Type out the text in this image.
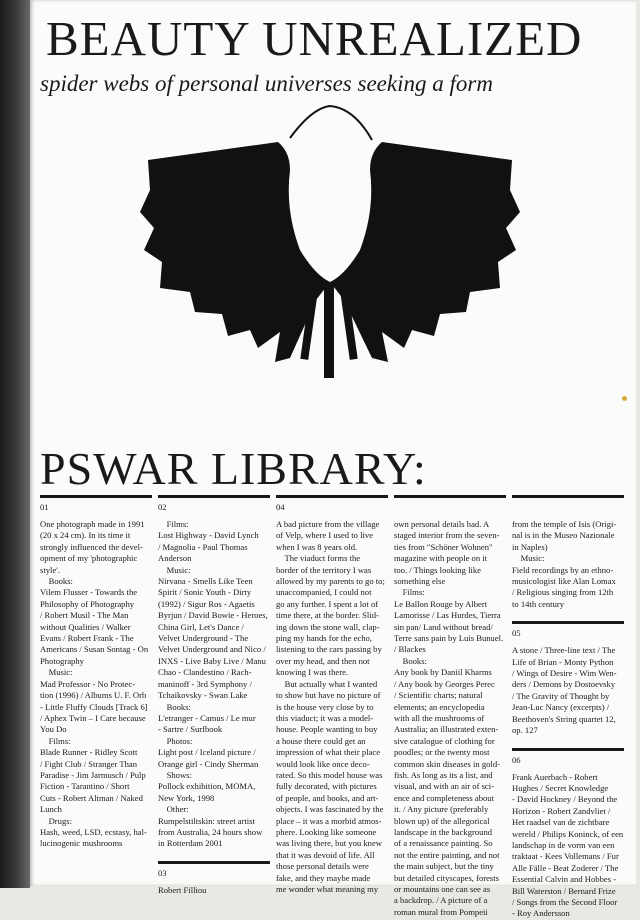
BEAUTY UNREALIZED
spider webs of personal universes seeking a form
PSWAR LIBRARY:
01

One photograph made in 1991

(20 x 24 cm). In its time it

strongly influenced the devel-

opment of my 'photographic

style'.

Books:

Vilem Flusser - Towards the

Philosophy of Photography

/ Robert Musil - The Man

without Qualities / Walker

Evans / Robert Frank - The

Americans / Susan Sontag - On

Photography

Music:

Mad Professor - No Protec-

tion (1996) / Albums U. F. Orb

- Little Fluffy Clouds [Track 6]

/ Aphex Twin – I Care because

You Do

Films:

Blade Runner - Ridley Scott

/ Fight Club / Stranger Than

Paradise - Jim Jarmusch / Pulp

Fiction - Tarantino / Short

Cuts - Robert Altman / Naked

Lunch

Drugs:

Hash, weed, LSD, ecstasy, hal-

lucinogenic mushrooms

02

Films:

Lost Highway - David Lynch

/ Magnolia - Paul Thomas

Anderson

Music:

Nirvana - Smells Like Teen

Spirit / Sonic Youth - Dirty

(1992) / Sigur Ros - Agaetis

Byrjun / David Bowie - Heroes,

China Girl, Let's Dance /

Velvet Underground - The

Velvet Underground and Nico /

INXS - Live Baby Live / Manu

Chao - Clandestino / Rach-

maninoff - 3rd Symphony /

Tchaikovsky - Swan Lake

Books:

L'etranger - Camus / Le mur

- Sartre / Surfbook

Photos:

Light post / Iceland picture /

Orange girl - Cindy Sherman

Shows:

Pollock exhibition, MOMA,

New York, 1998

Other:

Rumpelstiltskin: street artist

from Australia, 24 hours show

in Rotterdam 2001

03

Robert Filliou

04

A bad picture from the village

of Velp, where I used to live

when I was 8 years old.

The viaduct forms the

border of the territory I was

allowed by my parents to go to;

unaccompanied, I could not

go any further. I spent a lot of

time there, at the border. Slid-

ing down the stone wall, clap-

ping my hands for the echo,

listening to the cars passing by

over my head, and then not

knowing I was there.

But actually what I wanted

to show but have no picture of

is the house very close by to

this viaduct; it was a model-

house. People wanting to buy

a house there could get an

impression of what their place

would look like once deco-

rated. So this model house was

fully decorated, with pictures

of people, and books, and art-

objects. I was fascinated by the

place – it was a morbid atmos-

phere. Looking like someone

was living there, but you knew

that it was devoid of life. All

those personal details were

fake, and they maybe made

me wonder what meaning my

own personal details had. A

staged interior from the seven-

ties from "Schöner Wohnen"

magazine with people on it

too. / Things looking like

something else

Films:

Le Ballon Rouge by Albert

Lamorisse / Las Hurdes, Tierra

sin pan/ Land without bread/

Terre sans pain by Luis Bunuel.

/ Blackes

Books:

Any book by Daniil Kharms

/ Any book by Georges Perec

/ Scientific charts; natural

elements; an encyclopedia

with all the mushrooms of

Australia; an illustrated exten-

sive catalogue of clothing for

poodles; or the twenty most

common skin diseases in gold-

fish. As long as its a list, and

visual, and with an air of sci-

ence and completeness about

it. / Any picture (preferably

blown up) of the allegorical

landscape in the background

of a renaissance painting. So

not the entire painting, and not

the main subject, but the tiny

but detailed cityscapes, forests

or mountains one can see as

a backdrop. / A picture of a

roman mural from Pompeii

from the temple of Isis (Origi-

nal is in the Museo Nazionale

in Naples)

Music:

Field recordings by an ethno-

musicologist like Alan Lomax

/ Religious singing from 12th

to 14th century

05

A stone / Three-line text / The

Life of Brian - Monty Python

/ Wings of Desire - Wim Wen-

ders / Demons by Dostoevsky

/ The Gravity of Thought by

Jean-Luc Nancy (excerpts) /

Beethoven's String quartet 12,

op. 127

06

Frank Auerbach - Robert

Hughes / Secret Knowledge

- David Hockney / Beyond the

Horizon - Robert Zandvliet /

Het raadsel van de zichtbare

wereld / Philips Koninck, of een

landschap in de vorm van een

traktaat - Kees Vollemans / Fur

Alle Fälle - Beat Zoderer / The

Essential Calvin and Hobbes -

Bill Waterston / Bernard Frize

/ Songs from the Second Floor

- Roy Andersson
